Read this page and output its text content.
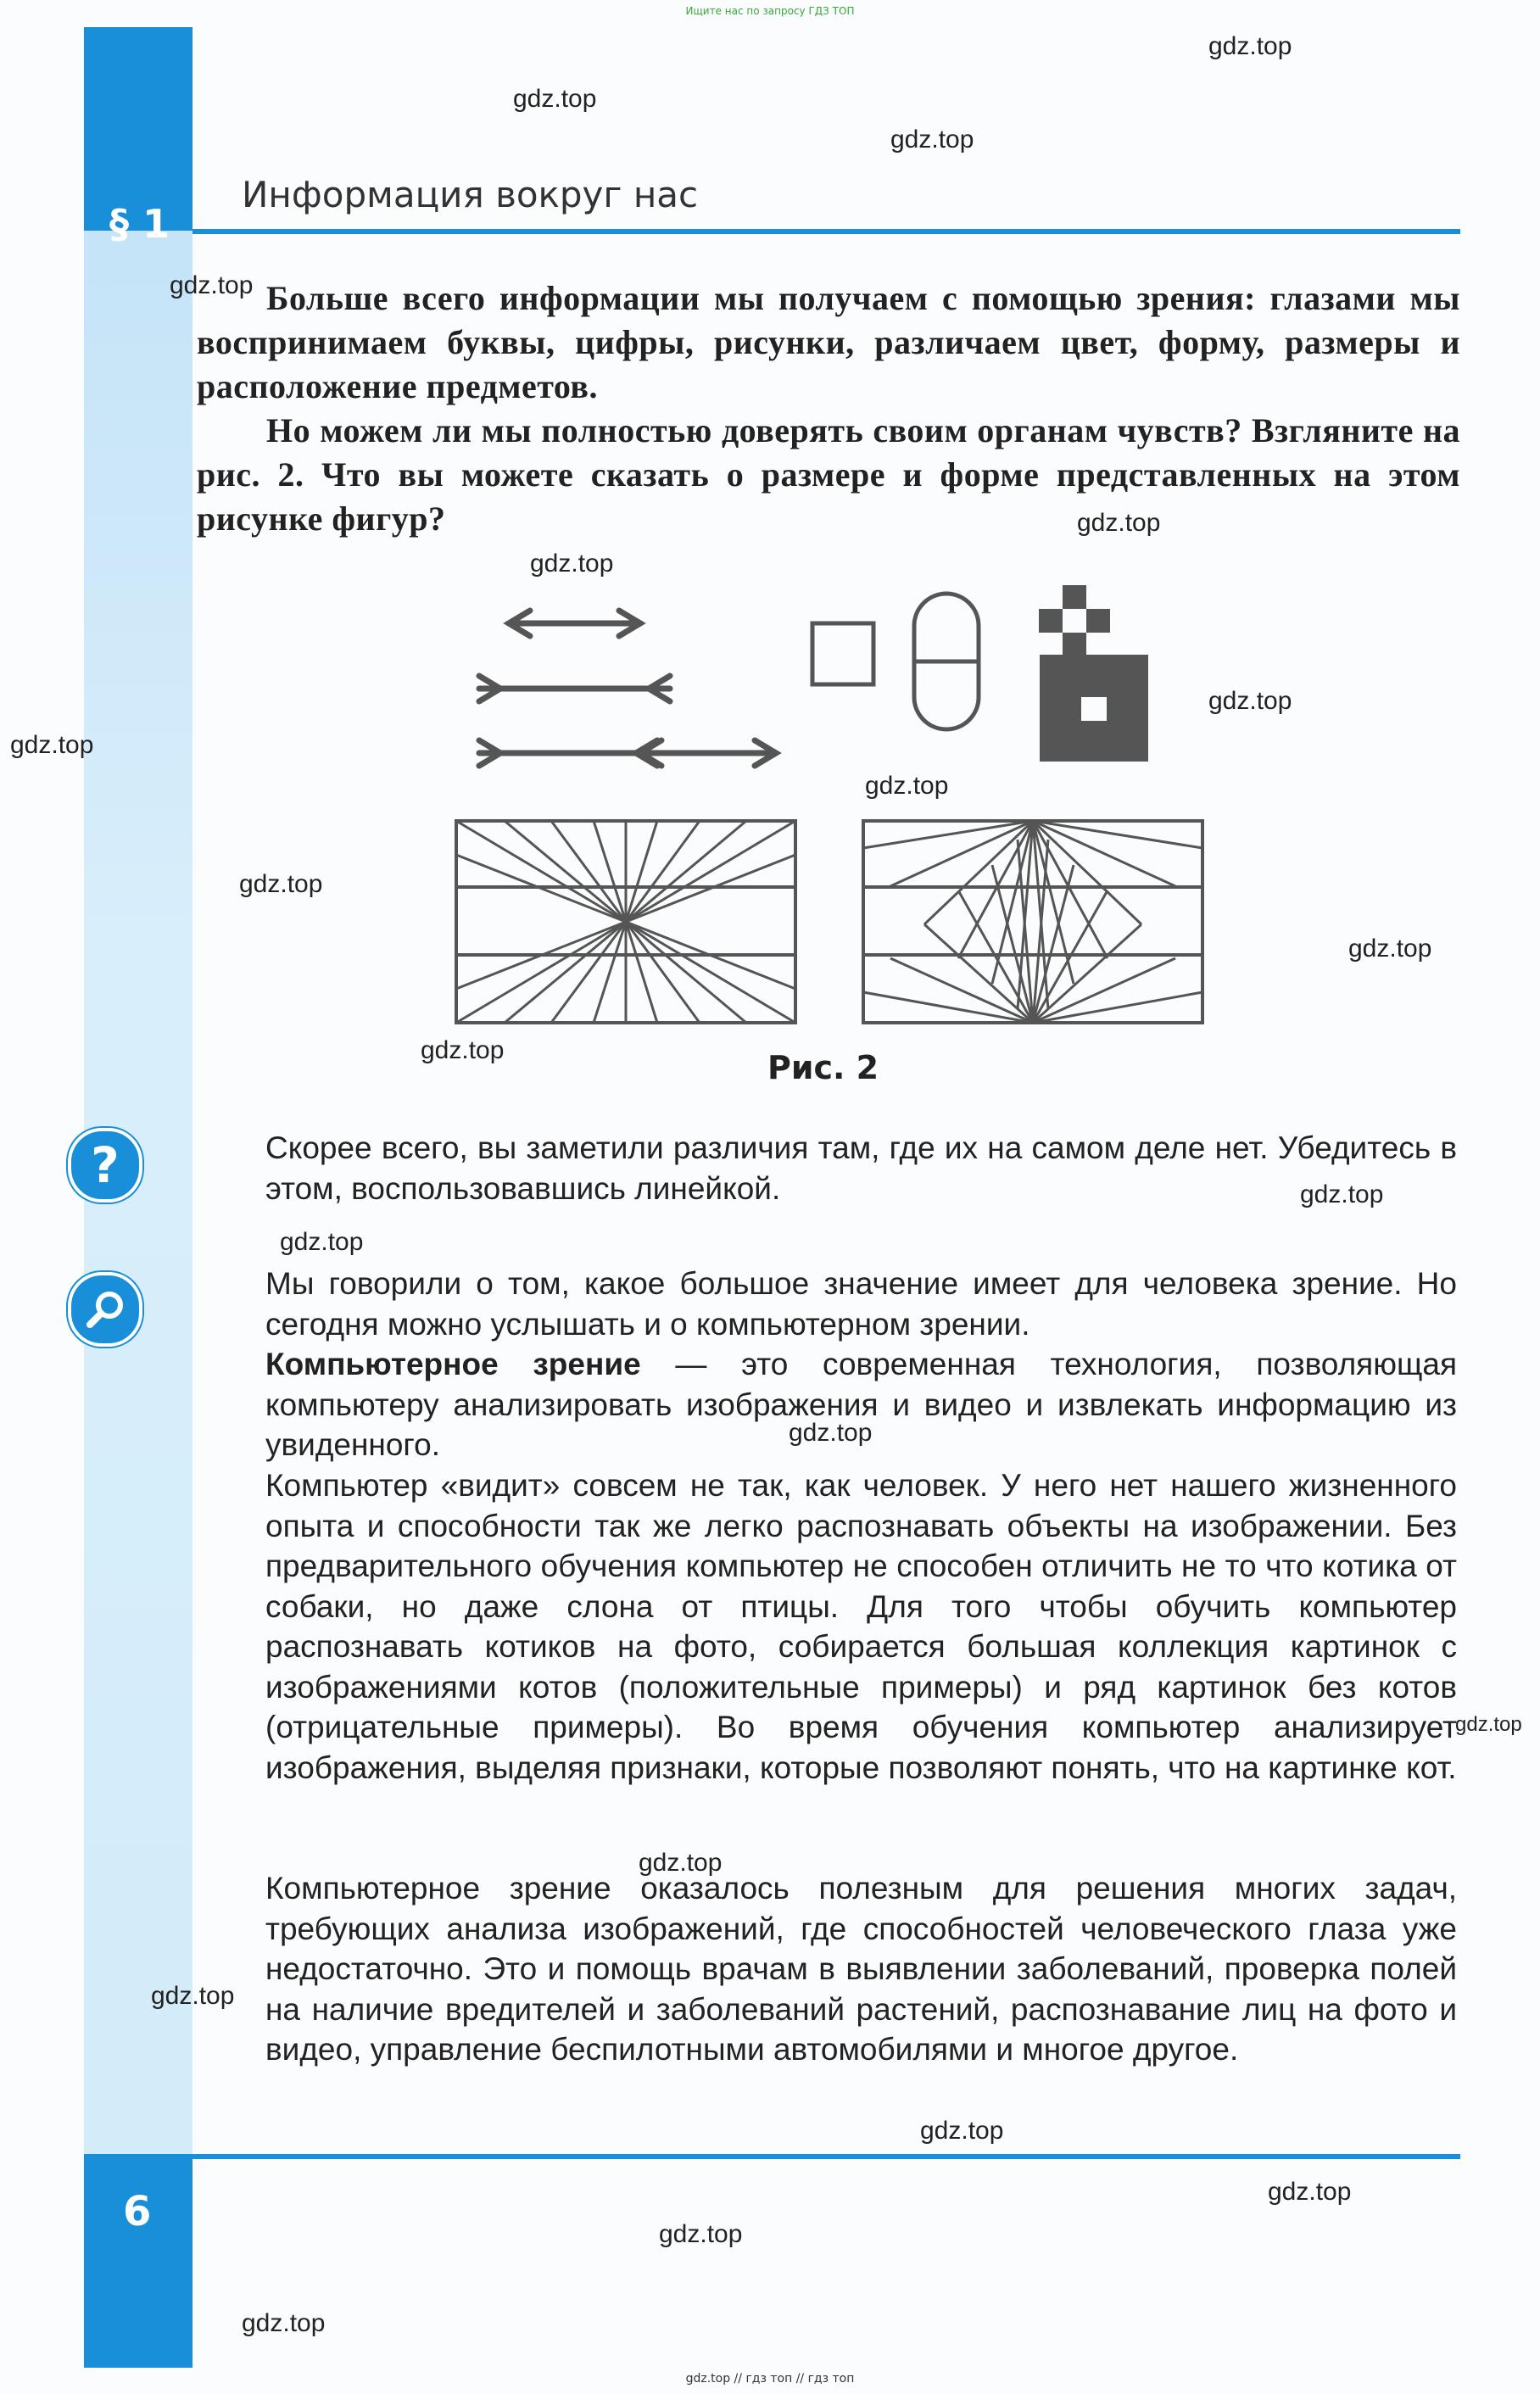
Ищите нас по запросу ГДЗ ТОП
§ 1
Информация вокруг нас

Больше всего информации мы получаем с помощью зрения: глазами мы воспринимаем буквы, цифры, рисунки, различаем цвет, форму, размеры и расположение предметов.

Но можем ли мы полностью доверять своим органам чувств? Взгляните на рис. 2. Что вы можете сказать о размере и форме представленных на этом рисунке фигур?

Рис. 2
?	Скорее всего, вы заметили различия там, где их на самом деле нет. Убедитесь в этом, воспользовавшись линейкой.

Мы говорили о том, какое большое значение имеет для человека зрение. Но сегодня можно услышать и о компьютерном зрении.

Компьютерное зрение — это современная технология, позволяющая компьютеру анализировать изображения и видео и извлекать информацию из увиденного.

Компьютер «видит» совсем не так, как человек. У него нет нашего жизненного опыта и способности так же легко распознавать объекты на изображении. Без предварительного обучения компьютер не способен отличить не то что котика от собаки, но даже слона от птицы. Для того чтобы обучить компьютер распознавать котиков на фото, собирается большая коллекция картинок с изображениями котов (положительные примеры) и ряд картинок без котов (отрицательные примеры). Во время обучения компьютер анализирует изображения, выделяя признаки, которые позволяют понять, что на картинке кот.

Компьютерное зрение оказалось полезным для решения многих задач, требующих анализа изображений, где способностей человеческого глаза уже недостаточно. Это и помощь врачам в выявлении заболеваний, проверка полей на наличие вредителей и заболеваний растений, распознавание лиц на фото и видео, управление беспилотными автомобилями и многое другое.

6
gdz.top // гдз топ // гдз топ
gdz.top
gdz.top
gdz.top
gdz.top
gdz.top
gdz.top
gdz.top
gdz.top
gdz.top
gdz.top
gdz.top
gdz.top
gdz.top
gdz.top
gdz.top
gdz.top
gdz.top
gdz.top
gdz.top
gdz.top
gdz.top
gdz.top
